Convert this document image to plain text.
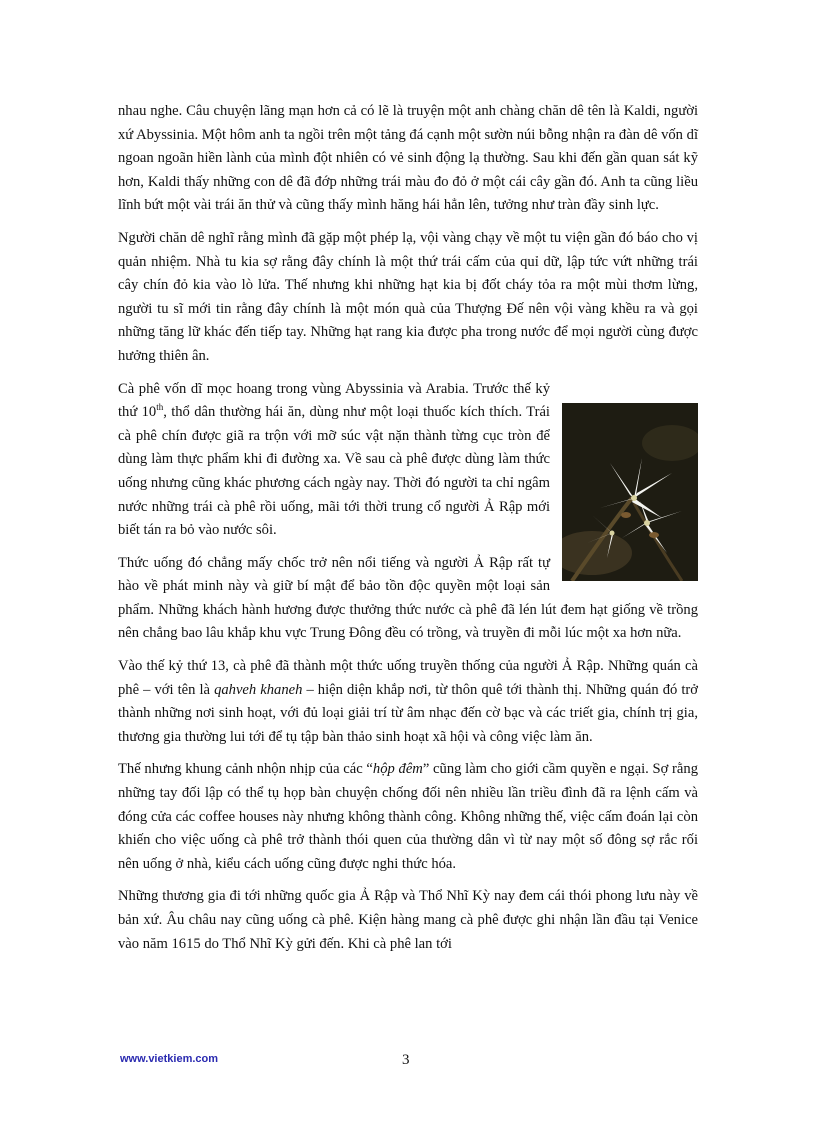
nhau nghe. Câu chuyện lãng mạn hơn cả có lẽ là truyện một anh chàng chăn dê tên là Kaldi, người xứ Abyssinia. Một hôm anh ta ngồi trên một tảng đá cạnh một sườn núi bỗng nhận ra đàn dê vốn dĩ ngoan ngoãn hiền lành của mình đột nhiên có vẻ sinh động lạ thường. Sau khi đến gần quan sát kỹ hơn, Kaldi thấy những con dê đã đớp những trái màu đo đỏ ở một cái cây gần đó. Anh ta cũng liều lĩnh bứt một vài trái ăn thử và cũng thấy mình hăng hái hẳn lên, tưởng như tràn đầy sinh lực.

Người chăn dê nghĩ rằng mình đã gặp một phép lạ, vội vàng chạy về một tu viện gần đó báo cho vị quản nhiệm. Nhà tu kia sợ rằng đây chính là một thứ trái cấm của quỉ dữ, lập tức vứt những trái cây chín đỏ kia vào lò lửa. Thế nhưng khi những hạt kia bị đốt cháy tỏa ra một mùi thơm lừng, người tu sĩ mới tin rằng đây chính là một món quà của Thượng Đế nên vội vàng khều ra và gọi những tăng lữ khác đến tiếp tay. Những hạt rang kia được pha trong nước để mọi người cùng được hưởng thiên ân.

Cà phê vốn dĩ mọc hoang trong vùng Abyssinia và Arabia. Trước thế kỷ thứ 10th, thổ dân thường hái ăn, dùng như một loại thuốc kích thích. Trái cà phê chín được giã ra trộn với mỡ súc vật nặn thành từng cục tròn để dùng làm thực phẩm khi đi đường xa. Về sau cà phê được dùng làm thức uống nhưng cũng khác phương cách ngày nay. Thời đó người ta chỉ ngâm nước những trái cà phê rồi uống, mãi tới thời trung cổ người Ả Rập mới biết tán ra bỏ vào nước sôi.

Thức uống đó chẳng mấy chốc trở nên nổi tiếng và người Ả Rập rất tự hào về phát minh này và giữ bí mật để bảo tồn độc quyền một loại sản phẩm. Những khách hành hương được thưởng thức nước cà phê đã lén lút đem hạt giống về trồng nên chẳng bao lâu khắp khu vực Trung Đông đều có trồng, và truyền đi mỗi lúc một xa hơn nữa.

Vào thế kỷ thứ 13, cà phê đã thành một thức uống truyền thống của người Ả Rập. Những quán cà phê – với tên là qahveh khaneh – hiện diện khắp nơi, từ thôn quê tới thành thị. Những quán đó trở thành những nơi sinh hoạt, với đủ loại giải trí từ âm nhạc đến cờ bạc và các triết gia, chính trị gia, thương gia thường lui tới để tụ tập bàn thảo sinh hoạt xã hội và công việc làm ăn.

Thế nhưng khung cảnh nhộn nhịp của các “hộp đêm” cũng làm cho giới cầm quyền e ngại. Sợ rằng những tay đối lập có thể tụ họp bàn chuyện chống đối nên nhiều lần triều đình đã ra lệnh cấm và đóng cửa các coffee houses này nhưng không thành công. Không những thế, việc cấm đoán lại còn khiến cho việc uống cà phê trở thành thói quen của thường dân vì từ nay một số đông sợ rắc rối nên uống ở nhà, kiểu cách uống cũng được nghi thức hóa.

Những thương gia đi tới những quốc gia Ả Rập và Thổ Nhĩ Kỳ nay đem cái thói phong lưu này về bản xứ. Âu châu nay cũng uống cà phê. Kiện hàng mang cà phê được ghi nhận lần đầu tại Venice vào năm 1615 do Thổ Nhĩ Kỳ gửi đến. Khi cà phê lan tới

www.vietkiem.com	3
